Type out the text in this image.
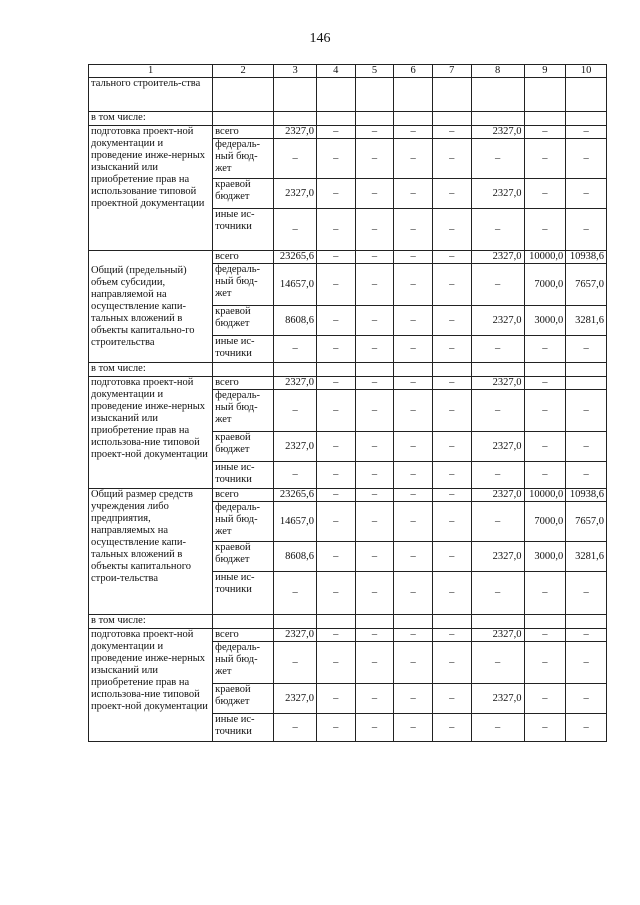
146
1	2	3	4	5	6	7	8	9	10
тального строитель-ства									
в том числе:									
подготовка проект-ной документации и проведение инже-нерных изысканий или приобретение прав на использование типовой проектной документации	всего	2327,0	–	–	–	–	2327,0	–	–
	федераль-ный бюд-жет	–	–	–	–	–	–	–	–
	краевой бюджет	2327,0	–	–	–	–	2327,0	–	–
	иные ис-точники	–	–	–	–	–	–	–	–
Общий (предельный) объем субсидии, направляемой на осуществление капи-тальных вложений в объекты капитально-го строительства	всего	23265,6	–	–	–	–	2327,0	10000,0	10938,6
	федераль-ный бюд-жет	14657,0	–	–	–	–	–	7000,0	7657,0
	краевой бюджет	8608,6	–	–	–	–	2327,0	3000,0	3281,6
	иные ис-точники	–	–	–	–	–	–	–	–
в том числе:									
подготовка проект-ной документации и проведение инже-нерных изысканий или приобретение прав на использова-ние типовой проект-ной документации	всего	2327,0	–	–	–	–	2327,0	–	
	федераль-ный бюд-жет	–	–	–	–	–	–	–	–
	краевой бюджет	2327,0	–	–	–	–	2327,0	–	–
	иные ис-точники	–	–	–	–	–	–	–	–
Общий размер средств учреждения либо предприятия, направляемых на осуществление капи-тальных вложений в объекты капитального строи-тельства	всего	23265,6	–	–	–	–	2327,0	10000,0	10938,6
	федераль-ный бюд-жет	14657,0	–	–	–	–	–	7000,0	7657,0
	краевой бюджет	8608,6	–	–	–	–	2327,0	3000,0	3281,6
	иные ис-точники	–	–	–	–	–	–	–	–
в том числе:									
подготовка проект-ной документации и проведение инже-нерных изысканий или приобретение прав на использова-ние типовой проект-ной документации	всего	2327,0	–	–	–	–	2327,0	–	–
	федераль-ный бюд-жет	–	–	–	–	–	–	–	–
	краевой бюджет	2327,0	–	–	–	–	2327,0	–	–
	иные ис-точники	–	–	–	–	–	–	–	–
